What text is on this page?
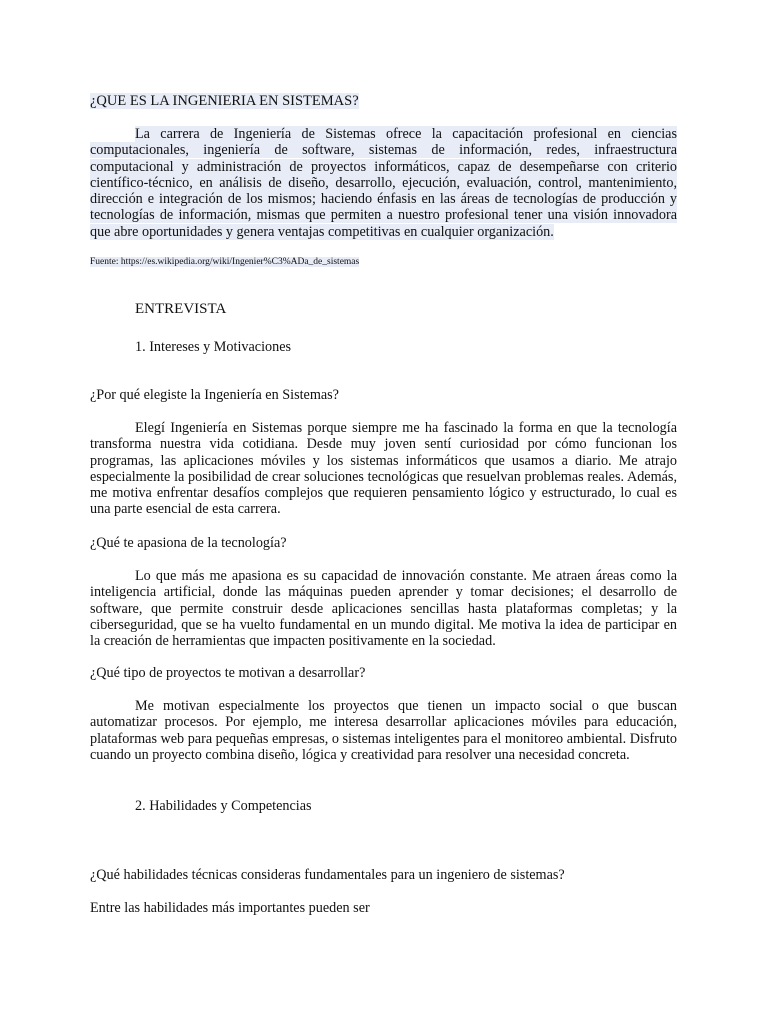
¿QUE ES LA INGENIERIA EN SISTEMAS?

La carrera de Ingeniería de Sistemas ofrece la capacitación profesional en ciencias computacionales, ingeniería de software, sistemas de información, redes, infraestructura computacional y administración de proyectos informáticos, capaz de desempeñarse con criterio científico-técnico, en análisis de diseño, desarrollo, ejecución, evaluación, control, mantenimiento, dirección e integración de los mismos; haciendo énfasis en las áreas de tecnologías de producción y tecnologías de información, mismas que permiten a nuestro profesional tener una visión innovadora que abre oportunidades y genera ventajas competitivas en cualquier organización.

Fuente: https://es.wikipedia.org/wiki/Ingenier%C3%ADa_de_sistemas

ENTREVISTA

1. Intereses y Motivaciones

¿Por qué elegiste la Ingeniería en Sistemas?

Elegí Ingeniería en Sistemas porque siempre me ha fascinado la forma en que la tecnología transforma nuestra vida cotidiana. Desde muy joven sentí curiosidad por cómo funcionan los programas, las aplicaciones móviles y los sistemas informáticos que usamos a diario. Me atrajo especialmente la posibilidad de crear soluciones tecnológicas que resuelvan problemas reales. Además, me motiva enfrentar desafíos complejos que requieren pensamiento lógico y estructurado, lo cual es una parte esencial de esta carrera.

¿Qué te apasiona de la tecnología?

Lo que más me apasiona es su capacidad de innovación constante. Me atraen áreas como la inteligencia artificial, donde las máquinas pueden aprender y tomar decisiones; el desarrollo de software, que permite construir desde aplicaciones sencillas hasta plataformas completas; y la ciberseguridad, que se ha vuelto fundamental en un mundo digital. Me motiva la idea de participar en la creación de herramientas que impacten positivamente en la sociedad.

¿Qué tipo de proyectos te motivan a desarrollar?

Me motivan especialmente los proyectos que tienen un impacto social o que buscan automatizar procesos. Por ejemplo, me interesa desarrollar aplicaciones móviles para educación, plataformas web para pequeñas empresas, o sistemas inteligentes para el monitoreo ambiental. Disfruto cuando un proyecto combina diseño, lógica y creatividad para resolver una necesidad concreta.

2. Habilidades y Competencias

¿Qué habilidades técnicas consideras fundamentales para un ingeniero de sistemas?

Entre las habilidades más importantes pueden ser
